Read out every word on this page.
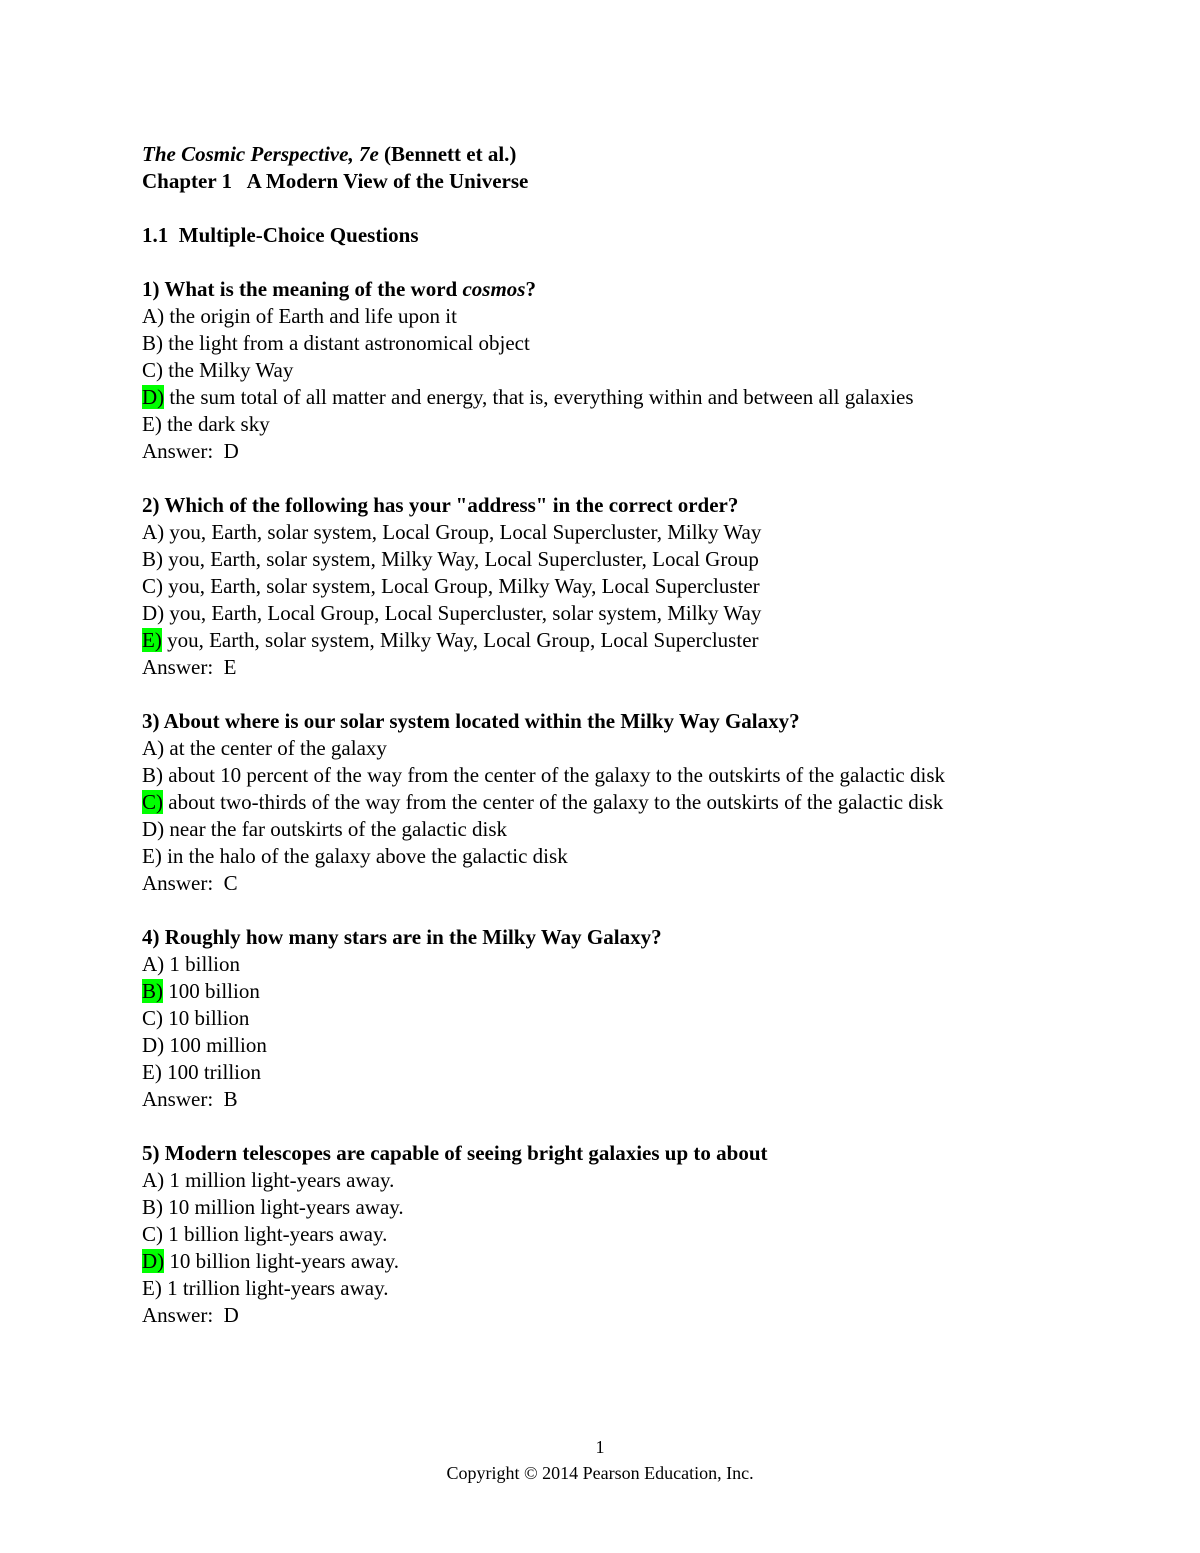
The Cosmic Perspective, 7e (Bennett et al.)
Chapter 1   A Modern View of the Universe
1.1  Multiple-Choice Questions
1) What is the meaning of the word cosmos?
A) the origin of Earth and life upon it
B) the light from a distant astronomical object
C) the Milky Way
D) the sum total of all matter and energy, that is, everything within and between all galaxies
E) the dark sky
Answer:  D
2) Which of the following has your "address" in the correct order?
A) you, Earth, solar system, Local Group, Local Supercluster, Milky Way
B) you, Earth, solar system, Milky Way, Local Supercluster, Local Group
C) you, Earth, solar system, Local Group, Milky Way, Local Supercluster
D) you, Earth, Local Group, Local Supercluster, solar system, Milky Way
E) you, Earth, solar system, Milky Way, Local Group, Local Supercluster
Answer:  E
3) About where is our solar system located within the Milky Way Galaxy?
A) at the center of the galaxy
B) about 10 percent of the way from the center of the galaxy to the outskirts of the galactic disk
C) about two-thirds of the way from the center of the galaxy to the outskirts of the galactic disk
D) near the far outskirts of the galactic disk
E) in the halo of the galaxy above the galactic disk
Answer:  C
4) Roughly how many stars are in the Milky Way Galaxy?
A) 1 billion
B) 100 billion
C) 10 billion
D) 100 million
E) 100 trillion
Answer:  B
5) Modern telescopes are capable of seeing bright galaxies up to about
A) 1 million light-years away.
B) 10 million light-years away.
C) 1 billion light-years away.
D) 10 billion light-years away.
E) 1 trillion light-years away.
Answer:  D
1
Copyright © 2014 Pearson Education, Inc.
